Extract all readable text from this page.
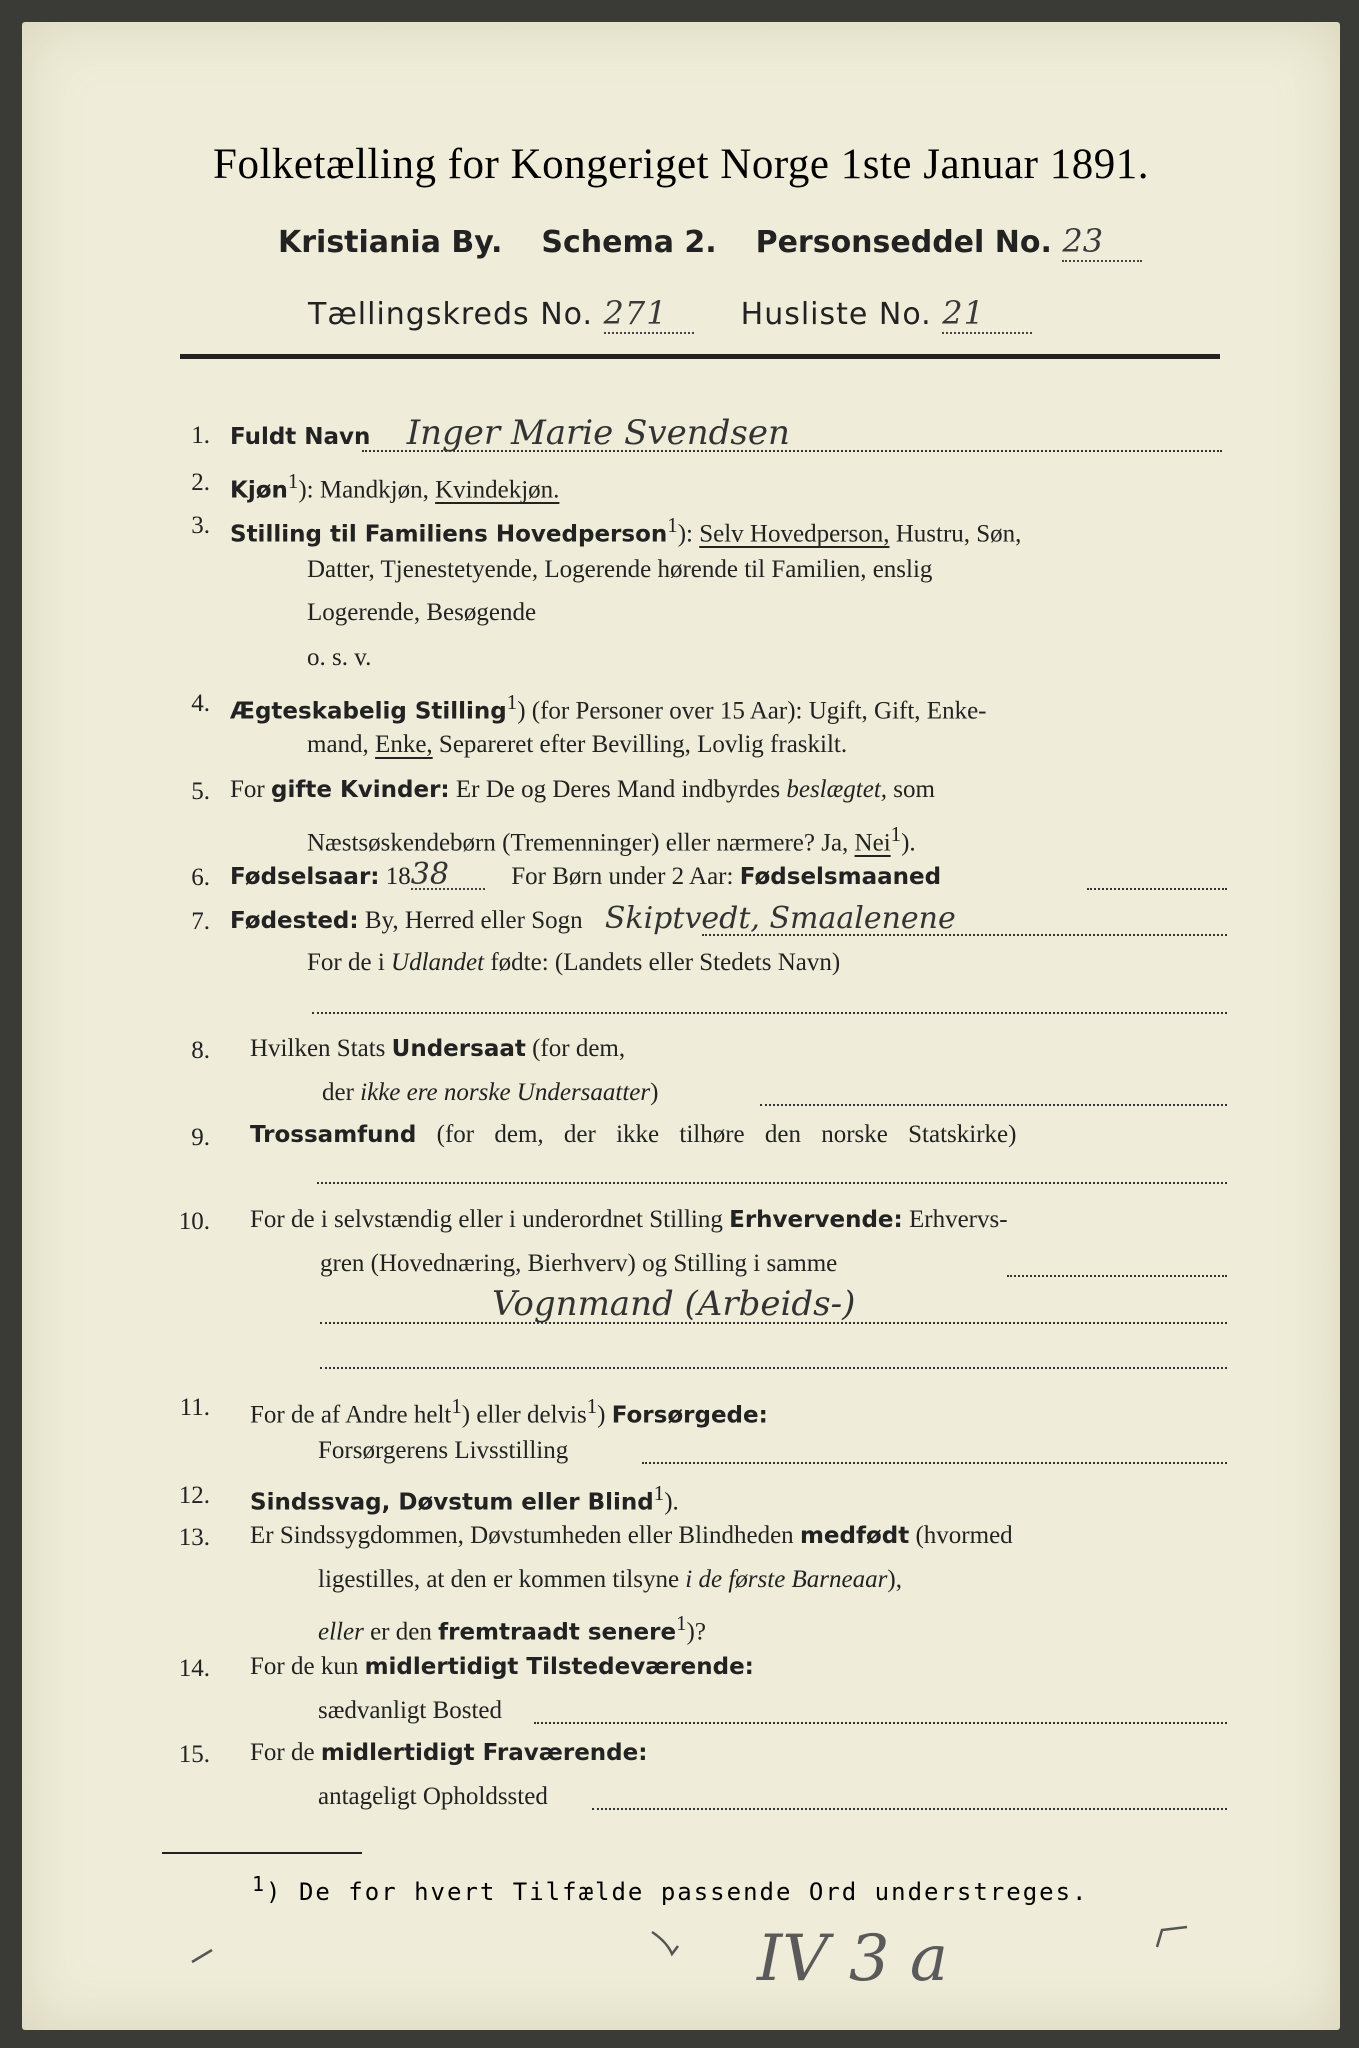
Folketælling for Kongeriget Norge 1ste Januar 1891.
Kristiania By. Schema 2. Personseddel No. 23
Tællingskreds No. 271 Husliste No. 21
1. Fuldt Navn Inger Marie Svendsen
2. Kjøn$^1$): Mandkjøn, Kvindekjøn.
3. Stilling til Familiens Hovedperson$^1$): Selv Hovedperson, Hustru, Søn,
Datter, Tjenestetyende, Logerende hørende til Familien, enslig
Logerende, Besøgende
o. s. v.
4. Ægteskabelig Stilling$^1$) (for Personer over 15 Aar): Ugift, Gift, Enke-
mand, Enke, Separeret efter Bevilling, Lovlig fraskilt.
5. For gifte Kvinder: Er De og Deres Mand indbyrdes beslægtet, som
Næstsøskendebørn (Tremenninger) eller nærmere? Ja, Nei$^1$).
6. Fødselsaar: 1838 For Børn under 2 Aar: Fødselsmaaned
7. Fødested: By, Herred eller Sogn Skiptvedt, Smaalenene
For de i Udlandet fødte: (Landets eller Stedets Navn)
8. Hvilken Stats Undersaat (for dem,
der ikke ere norske Undersaatter)
9. Trossamfund (for dem, der ikke tilhøre den norske Statskirke)
10. For de i selvstændig eller i underordnet Stilling Erhvervende: Erhvervs-
gren (Hovednæring, Bierhverv) og Stilling i samme
Vognmand (Arbeids-)
11. For de af Andre helt$^1$) eller delvis$^1$) Forsørgede:
Forsørgerens Livsstilling
12. Sindssvag, Døvstum eller Blind$^1$).
13. Er Sindssygdommen, Døvstumheden eller Blindheden medfødt (hvormed
ligestilles, at den er kommen tilsyne i de første Barneaar),
eller er den fremtraadt senere$^1$)?
14. For de kun midlertidigt Tilstedeværende:
sædvanligt Bosted
15. For de midlertidigt Fraværende:
antageligt Opholdssted
$^1$) De for hvert Tilfælde passende Ord understreges.
IV 3 a
